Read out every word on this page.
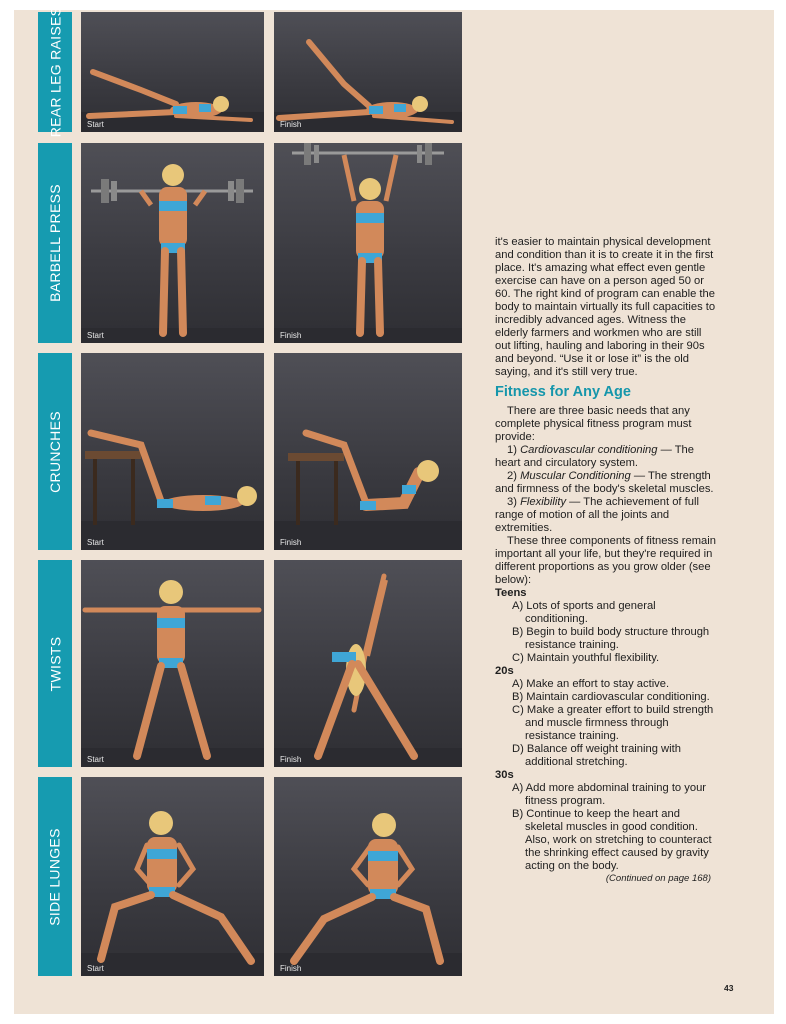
REAR LEG RAISES	Start	Finish
BARBELL PRESS
Start	Finish
CRUNCHES
Start	Finish
TWISTS
Start	Finish
SIDE LUNGES
Start	Finish

it's easier to maintain physical development and condition than it is to create it in the first place. It's amazing what effect even gentle exercise can have on a person aged 50 or 60. The right kind of program can enable the body to maintain virtually its full capacities to incredibly advanced ages. Witness the elderly farmers and workmen who are still out lifting, hauling and laboring in their 90s and beyond. “Use it or lose it” is the old saying, and it's still very true.

Fitness for Any Age

There are three basic needs that any complete physical fitness program must provide:

1) Cardiovascular conditioning — The heart and circulatory system.

2) Muscular Conditioning — The strength and firmness of the body's skeletal muscles.

3) Flexibility — The achievement of full range of motion of all the joints and extremities.

These three components of fitness remain important all your life, but they're required in different proportions as you grow older (see below):

Teens

A) Lots of sports and general conditioning.

B) Begin to build body structure through resistance training.

C) Maintain youthful flexibility.

20s

A) Make an effort to stay active.

B) Maintain cardiovascular conditioning.

C) Make a greater effort to build strength and muscle firmness through resistance training.

D) Balance off weight training with additional stretching.

30s

A) Add more abdominal training to your fitness program.

B) Continue to keep the heart and skeletal muscles in good condition. Also, work on stretching to counteract the shrinking effect caused by gravity acting on the body.

(Continued on page 168)

43
